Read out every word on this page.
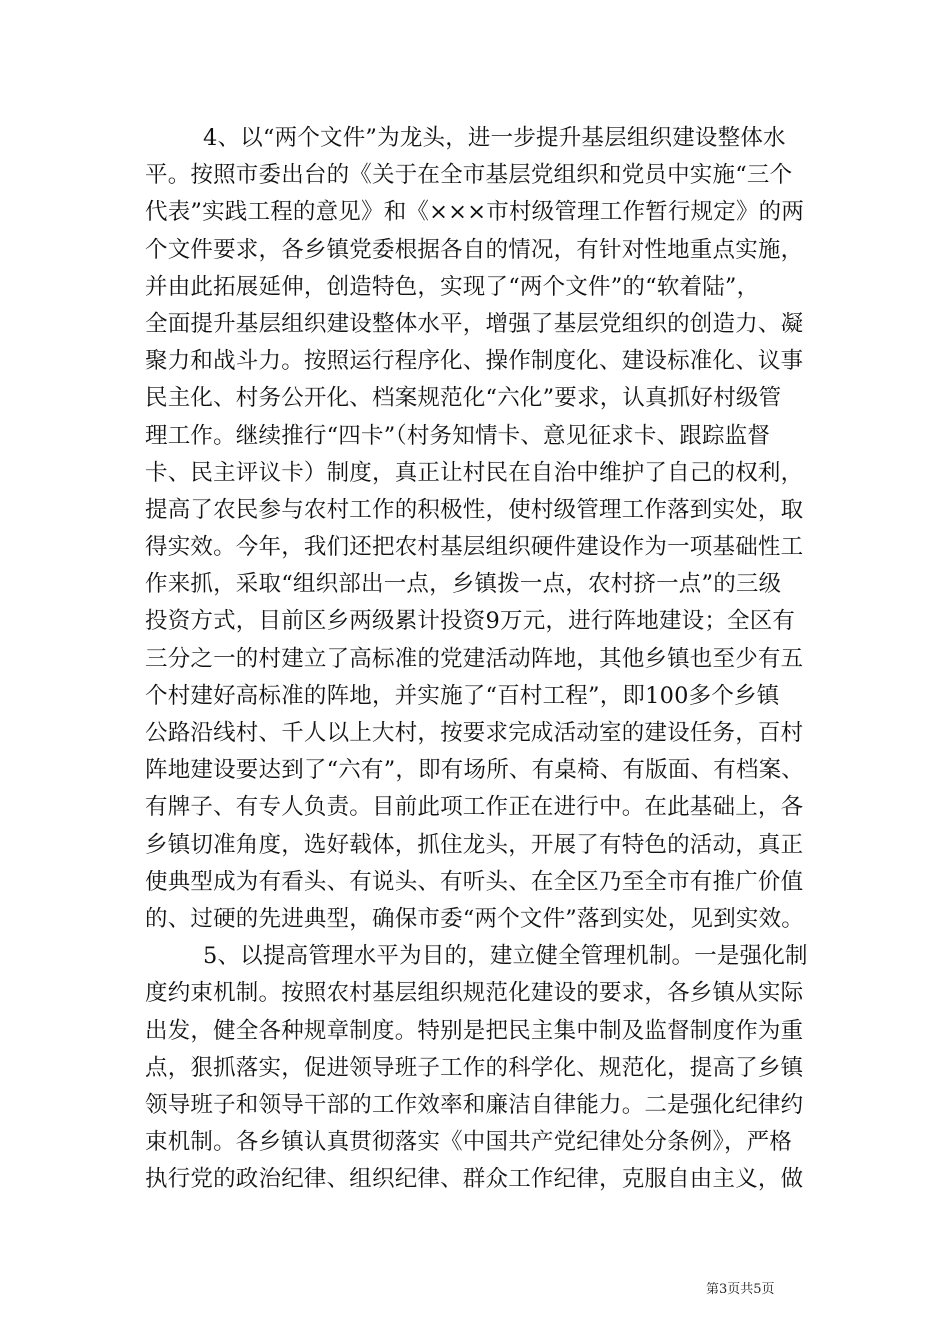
4、以“两个文件”为龙头，进一步提升基层组织建设整体水
平。按照市委出台的《关于在全市基层党组织和党员中实施“三个
代表”实践工程的意见》和《×××市村级管理工作暂行规定》的两
个文件要求，各乡镇党委根据各自的情况，有针对性地重点实施，
并由此拓展延伸，创造特色，实现了“两个文件”的“软着陆”，
全面提升基层组织建设整体水平，增强了基层党组织的创造力、凝
聚力和战斗力。按照运行程序化、操作制度化、建设标准化、议事
民主化、村务公开化、档案规范化“六化”要求，认真抓好村级管
理工作。继续推行“四卡”（村务知情卡、意见征求卡、跟踪监督
卡、民主评议卡）制度，真正让村民在自治中维护了自己的权利，
提高了农民参与农村工作的积极性，使村级管理工作落到实处，取
得实效。今年，我们还把农村基层组织硬件建设作为一项基础性工
作来抓，采取“组织部出一点，乡镇拨一点，农村挤一点”的三级
投资方式，目前区乡两级累计投资9万元，进行阵地建设；全区有
三分之一的村建立了高标准的党建活动阵地，其他乡镇也至少有五
个村建好高标准的阵地，并实施了“百村工程”，即100多个乡镇
公路沿线村、千人以上大村，按要求完成活动室的建设任务，百村
阵地建设要达到了“六有”，即有场所、有桌椅、有版面、有档案、
有牌子、有专人负责。目前此项工作正在进行中。在此基础上，各
乡镇切准角度，选好载体，抓住龙头，开展了有特色的活动，真正
使典型成为有看头、有说头、有听头、在全区乃至全市有推广价值
的、过硬的先进典型，确保市委“两个文件”落到实处，见到实效。

5、以提高管理水平为目的，建立健全管理机制。一是强化制
度约束机制。按照农村基层组织规范化建设的要求，各乡镇从实际
出发，健全各种规章制度。特别是把民主集中制及监督制度作为重
点，狠抓落实，促进领导班子工作的科学化、规范化，提高了乡镇
领导班子和领导干部的工作效率和廉洁自律能力。二是强化纪律约
束机制。各乡镇认真贯彻落实《中国共产党纪律处分条例》，严格
执行党的政治纪律、组织纪律、群众工作纪律，克服自由主义，做

第3页共5页
